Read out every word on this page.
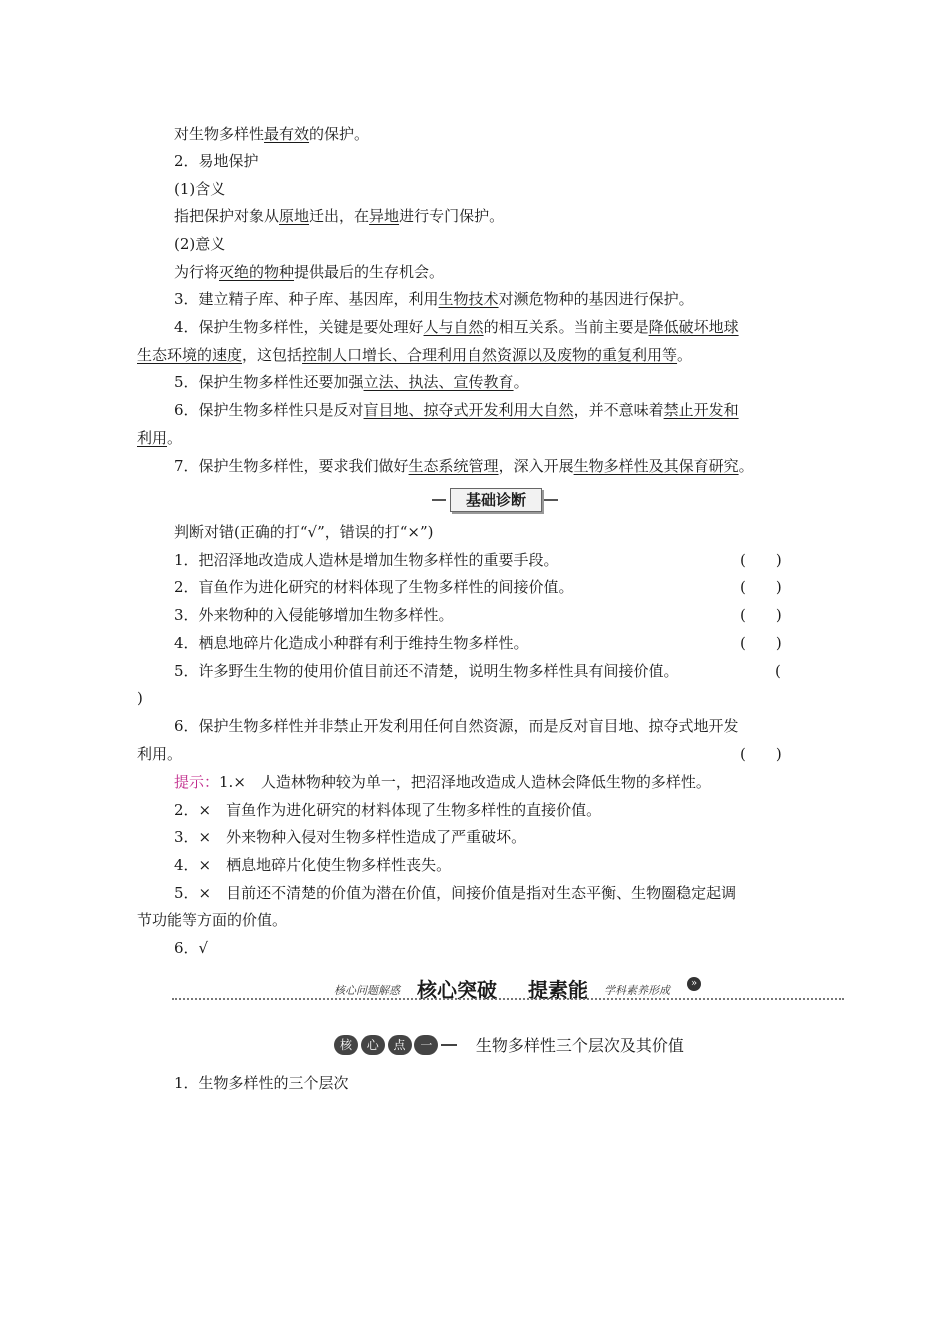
对生物多样性最有效的保护。
2．易地保护
(1)含义
指把保护对象从原地迁出，在异地进行专门保护。
(2)意义
为行将灭绝的物种提供最后的生存机会。
3．建立精子库、种子库、基因库，利用生物技术对濒危物种的基因进行保护。
4．保护生物多样性，关键是要处理好人与自然的相互关系。当前主要是降低破坏地球
生态环境的速度，这包括控制人口增长、合理利用自然资源以及废物的重复利用等。
5．保护生物多样性还要加强立法、执法、宣传教育。
6．保护生物多样性只是反对盲目地、掠夺式开发利用大自然，并不意味着禁止开发和
利用。
7．保护生物多样性，要求我们做好生态系统管理，深入开展生物多样性及其保育研究。
基础诊断
判断对错(正确的打“√”，错误的打“×”)
1．把沼泽地改造成人造林是增加生物多样性的重要手段。	(　　)
2．盲鱼作为进化研究的材料体现了生物多样性的间接价值。	(　　)
3．外来物种的入侵能够增加生物多样性。	(　　)
4．栖息地碎片化造成小种群有利于维持生物多样性。	(　　)
5．许多野生生物的使用价值目前还不清楚，说明生物多样性具有间接价值。	(
)
6．保护生物多样性并非禁止开发利用任何自然资源，而是反对盲目地、掠夺式地开发
利用。	(　　)
提示：1.×　人造林物种较为单一，把沼泽地改造成人造林会降低生物的多样性。
2．×　盲鱼作为进化研究的材料体现了生物多样性的直接价值。
3．×　外来物种入侵对生物多样性造成了严重破坏。
4．×　栖息地碎片化使生物多样性丧失。
5．×　目前还不清楚的价值为潜在价值，间接价值是指对生态平衡、生物圈稳定起调
节功能等方面的价值。
6．√
核心问题解惑 核心突破	»
提素能 学科素养形成
核 心 点 一	生物多样性三个层次及其价值
1．生物多样性的三个层次
